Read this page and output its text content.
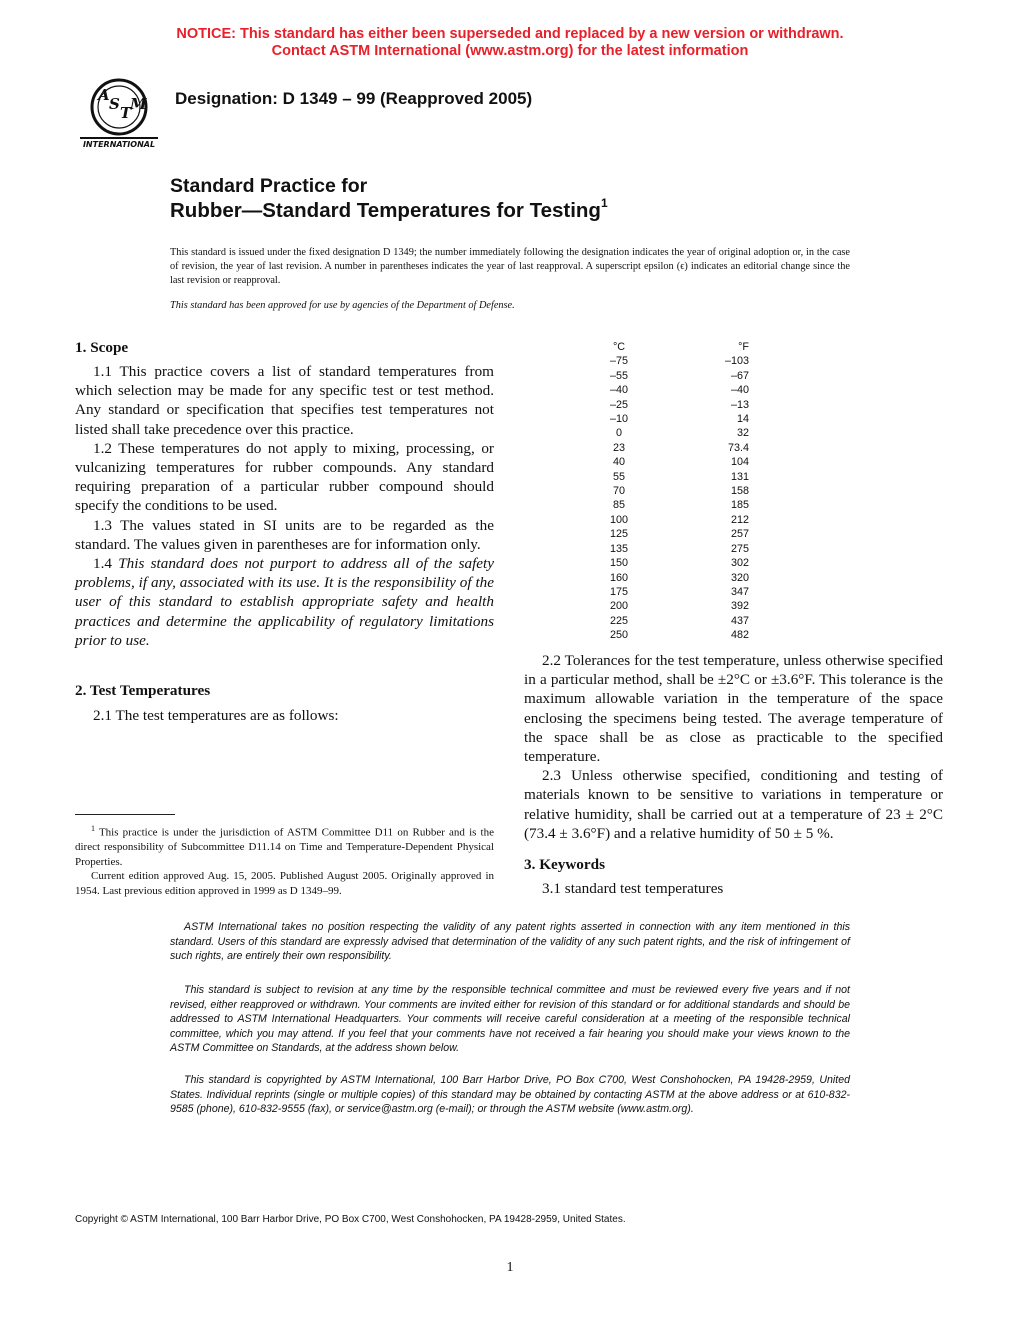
NOTICE: This standard has either been superseded and replaced by a new version or withdrawn.
Contact ASTM International (www.astm.org) for the latest information
A S T
M
INTERNATIONAL
Designation: D 1349 – 99 (Reapproved 2005)
Standard Practice for
Rubber—Standard Temperatures for Testing$^1$
This standard is issued under the fixed designation D 1349; the number immediately following the designation indicates the year of original adoption or, in the case of revision, the year of last revision. A number in parentheses indicates the year of last reapproval. A superscript epsilon (ϵ) indicates an editorial change since the last revision or reapproval.
This standard has been approved for use by agencies of the Department of Defense.
1. Scope

1.1 This practice covers a list of standard temperatures from which selection may be made for any specific test or test method. Any standard or specification that specifies test temperatures not listed shall take precedence over this practice.

1.2 These temperatures do not apply to mixing, processing, or vulcanizing temperatures for rubber compounds. Any standard requiring preparation of a particular rubber compound should specify the conditions to be used.

1.3 The values stated in SI units are to be regarded as the standard. The values given in parentheses are for information only.

1.4 This standard does not purport to address all of the safety problems, if any, associated with its use. It is the responsibility of the user of this standard to establish appropriate safety and health practices and determine the applicability of regulatory limitations prior to use.

2. Test Temperatures

2.1 The test temperatures are as follows:

°C		°F
–75		–103
–55		–67
–40		–40
–25		–13
–10		14
0		32
23		73.4
40		104
55		131
70		158
85		185
100		212
125		257
135		275
150		302
160		320
175		347
200		392
225		437
250		482

2.2 Tolerances for the test temperature, unless otherwise specified in a particular method, shall be ±2°C or ±3.6°F. This tolerance is the maximum allowable variation in the temperature of the space enclosing the specimens being tested. The average temperature of the space shall be as close as practicable to the specified temperature.

2.3 Unless otherwise specified, conditioning and testing of materials known to be sensitive to variations in temperature or relative humidity, shall be carried out at a temperature of 23 ± 2°C (73.4 ± 3.6°F) and a relative humidity of 50 ± 5 %.

3. Keywords

3.1 standard test temperatures

$^1$ This practice is under the jurisdiction of ASTM Committee D11 on Rubber and is the direct responsibility of Subcommittee D11.14 on Time and Temperature-Dependent Physical Properties.

Current edition approved Aug. 15, 2005. Published August 2005. Originally approved in 1954. Last previous edition approved in 1999 as D 1349–99.

ASTM International takes no position respecting the validity of any patent rights asserted in connection with any item mentioned in this standard. Users of this standard are expressly advised that determination of the validity of any such patent rights, and the risk of infringement of such rights, are entirely their own responsibility.

This standard is subject to revision at any time by the responsible technical committee and must be reviewed every five years and if not revised, either reapproved or withdrawn. Your comments are invited either for revision of this standard or for additional standards and should be addressed to ASTM International Headquarters. Your comments will receive careful consideration at a meeting of the responsible technical committee, which you may attend. If you feel that your comments have not received a fair hearing you should make your views known to the ASTM Committee on Standards, at the address shown below.

This standard is copyrighted by ASTM International, 100 Barr Harbor Drive, PO Box C700, West Conshohocken, PA 19428-2959, United States. Individual reprints (single or multiple copies) of this standard may be obtained by contacting ASTM at the above address or at 610-832-9585 (phone), 610-832-9555 (fax), or service@astm.org (e-mail); or through the ASTM website (www.astm.org).

Copyright © ASTM International, 100 Barr Harbor Drive, PO Box C700, West Conshohocken, PA 19428-2959, United States.
1
